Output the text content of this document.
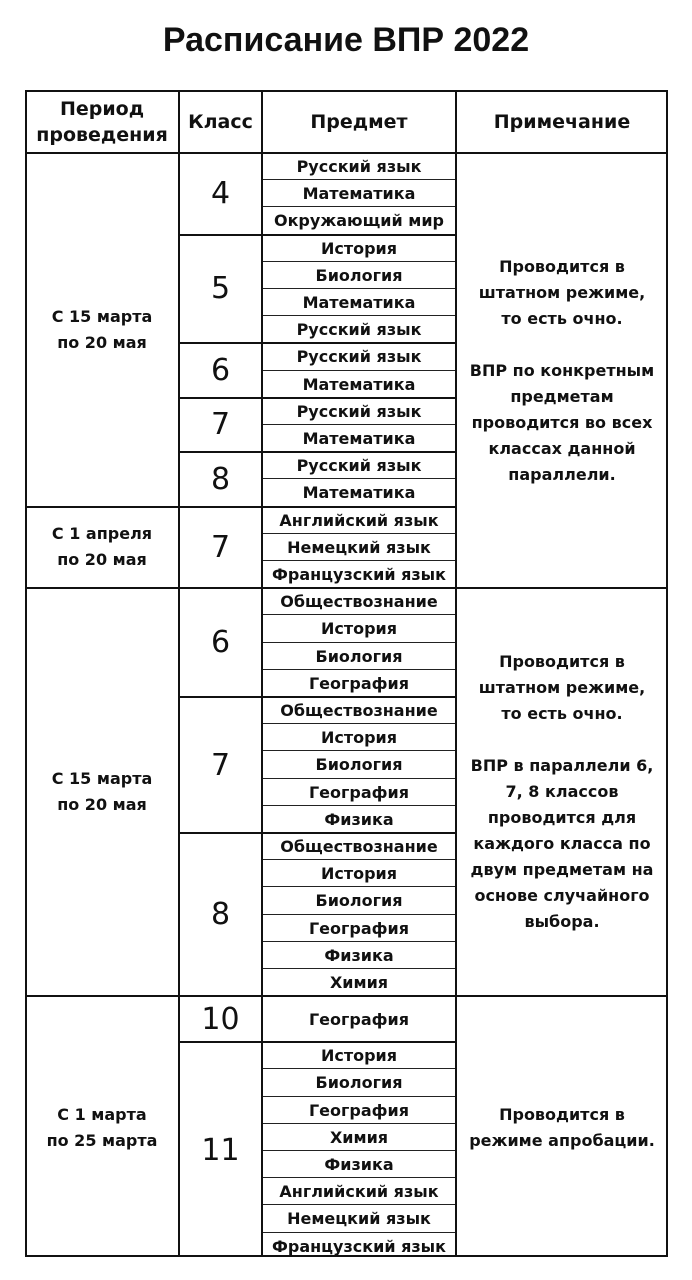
Расписание ВПР 2022
Период проведения
Класс	Предмет	Примечание
Русский язык
Математика
Окружающий мир
4
История
Биология
Математика
Русский язык
5
Русский язык
Математика
6
Русский язык
Математика
7
Русский язык
Математика
8
С 15 марта
по 20 мая
Английский язык
Немецкий язык
Французский язык
7
С 1 апреля
по 20 мая
Обществознание
История
Биология
География
6
Обществознание
История
Биология
География
Физика
7
Обществознание
История
Биология
География
Физика
Химия
8
С 15 марта
по 20 мая
География
10
История
Биология
География
Химия
Физика
Английский язык
Немецкий язык
Французский язык
11
С 1 марта
по 25 марта
Проводится в штатном режиме, то есть очно.

ВПР по конкретным предметам проводится во всех классах данной параллели.
Проводится в штатном режиме, то есть очно.

ВПР в параллели 6, 7, 8 классов проводится для каждого класса по двум предметам на основе случайного выбора.
Проводится в режиме апробации.
